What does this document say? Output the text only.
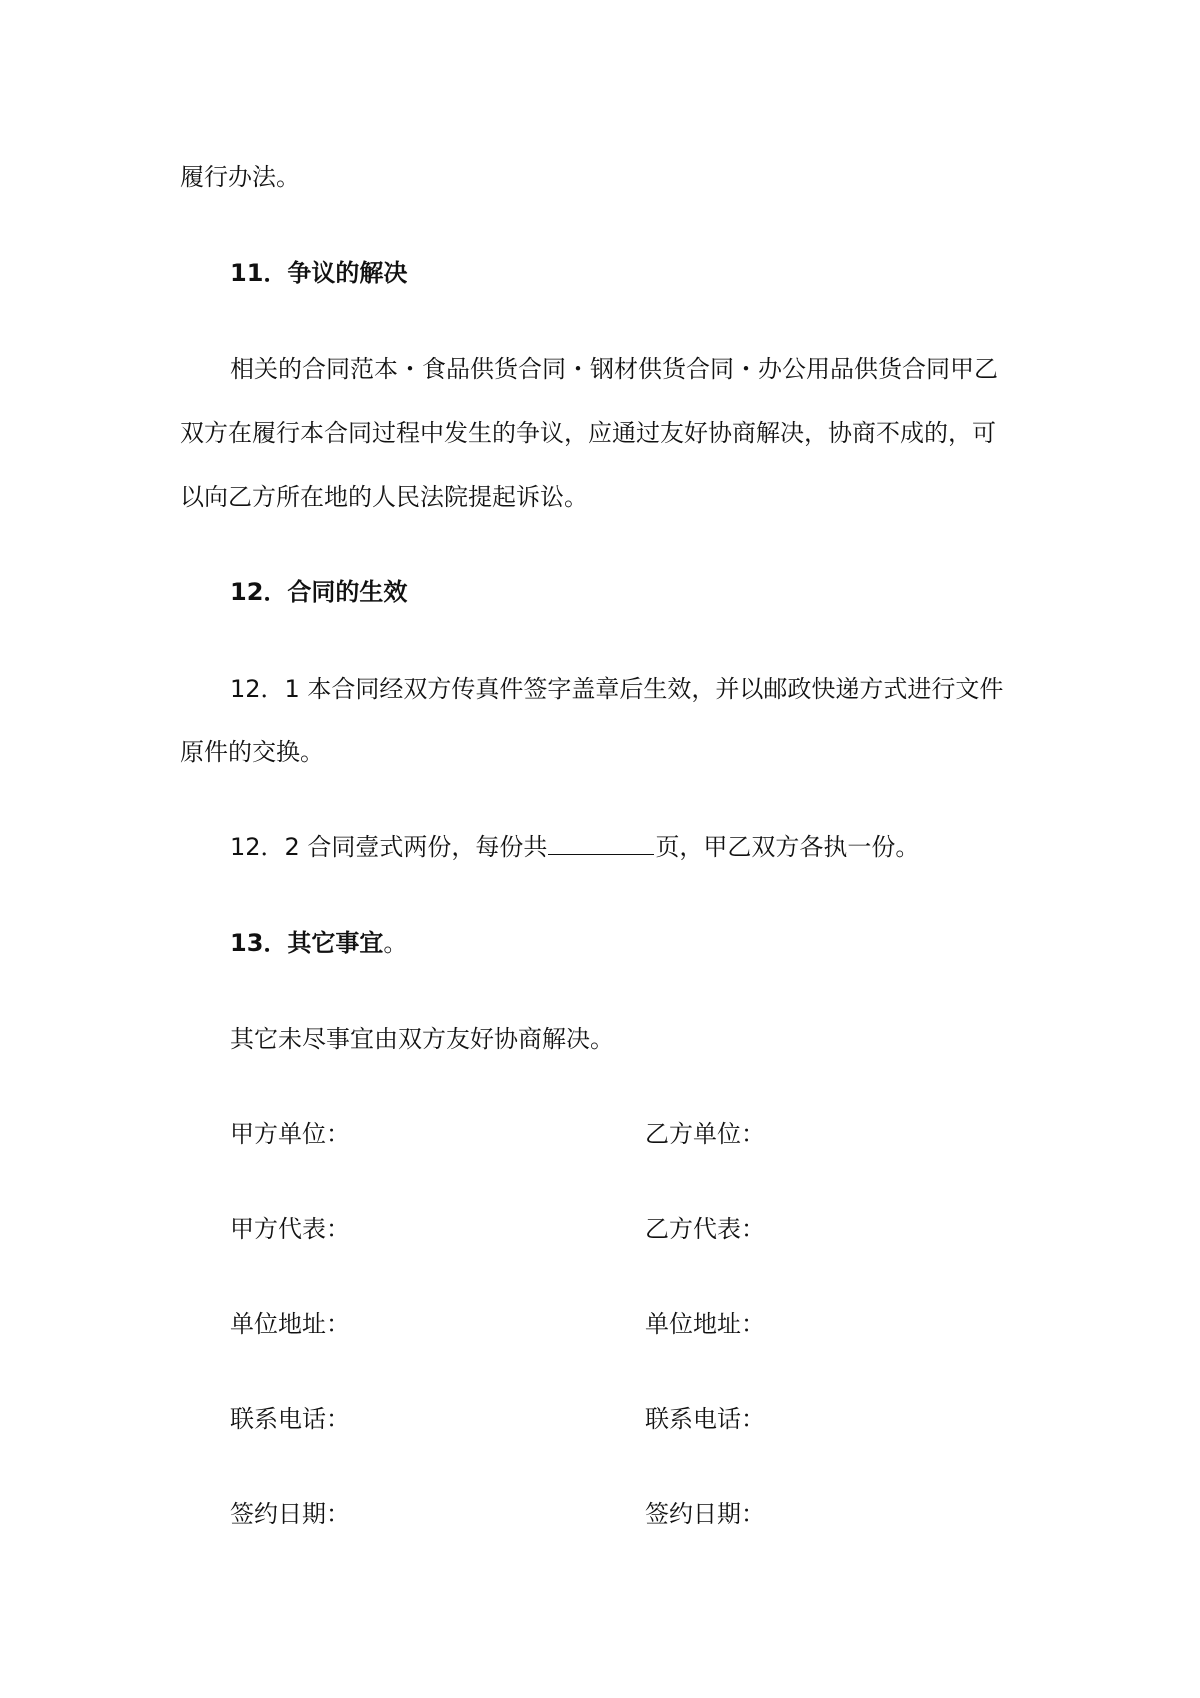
履行办法。
11．争议的解决
相关的合同范本・食品供货合同・钢材供货合同・办公用品供货合同甲乙
双方在履行本合同过程中发生的争议，应通过友好协商解决，协商不成的，可
以向乙方所在地的人民法院提起诉讼。
12．合同的生效
12．1 本合同经双方传真件签字盖章后生效，并以邮政快递方式进行文件
原件的交换。
12．2 合同壹式两份，每份共	页，甲乙双方各执一份。
13．其它事宜。
其它未尽事宜由双方友好协商解决。
甲方单位：	乙方单位：
甲方代表：	乙方代表：
单位地址：	单位地址：
联系电话：	联系电话：
签约日期：	签约日期：
